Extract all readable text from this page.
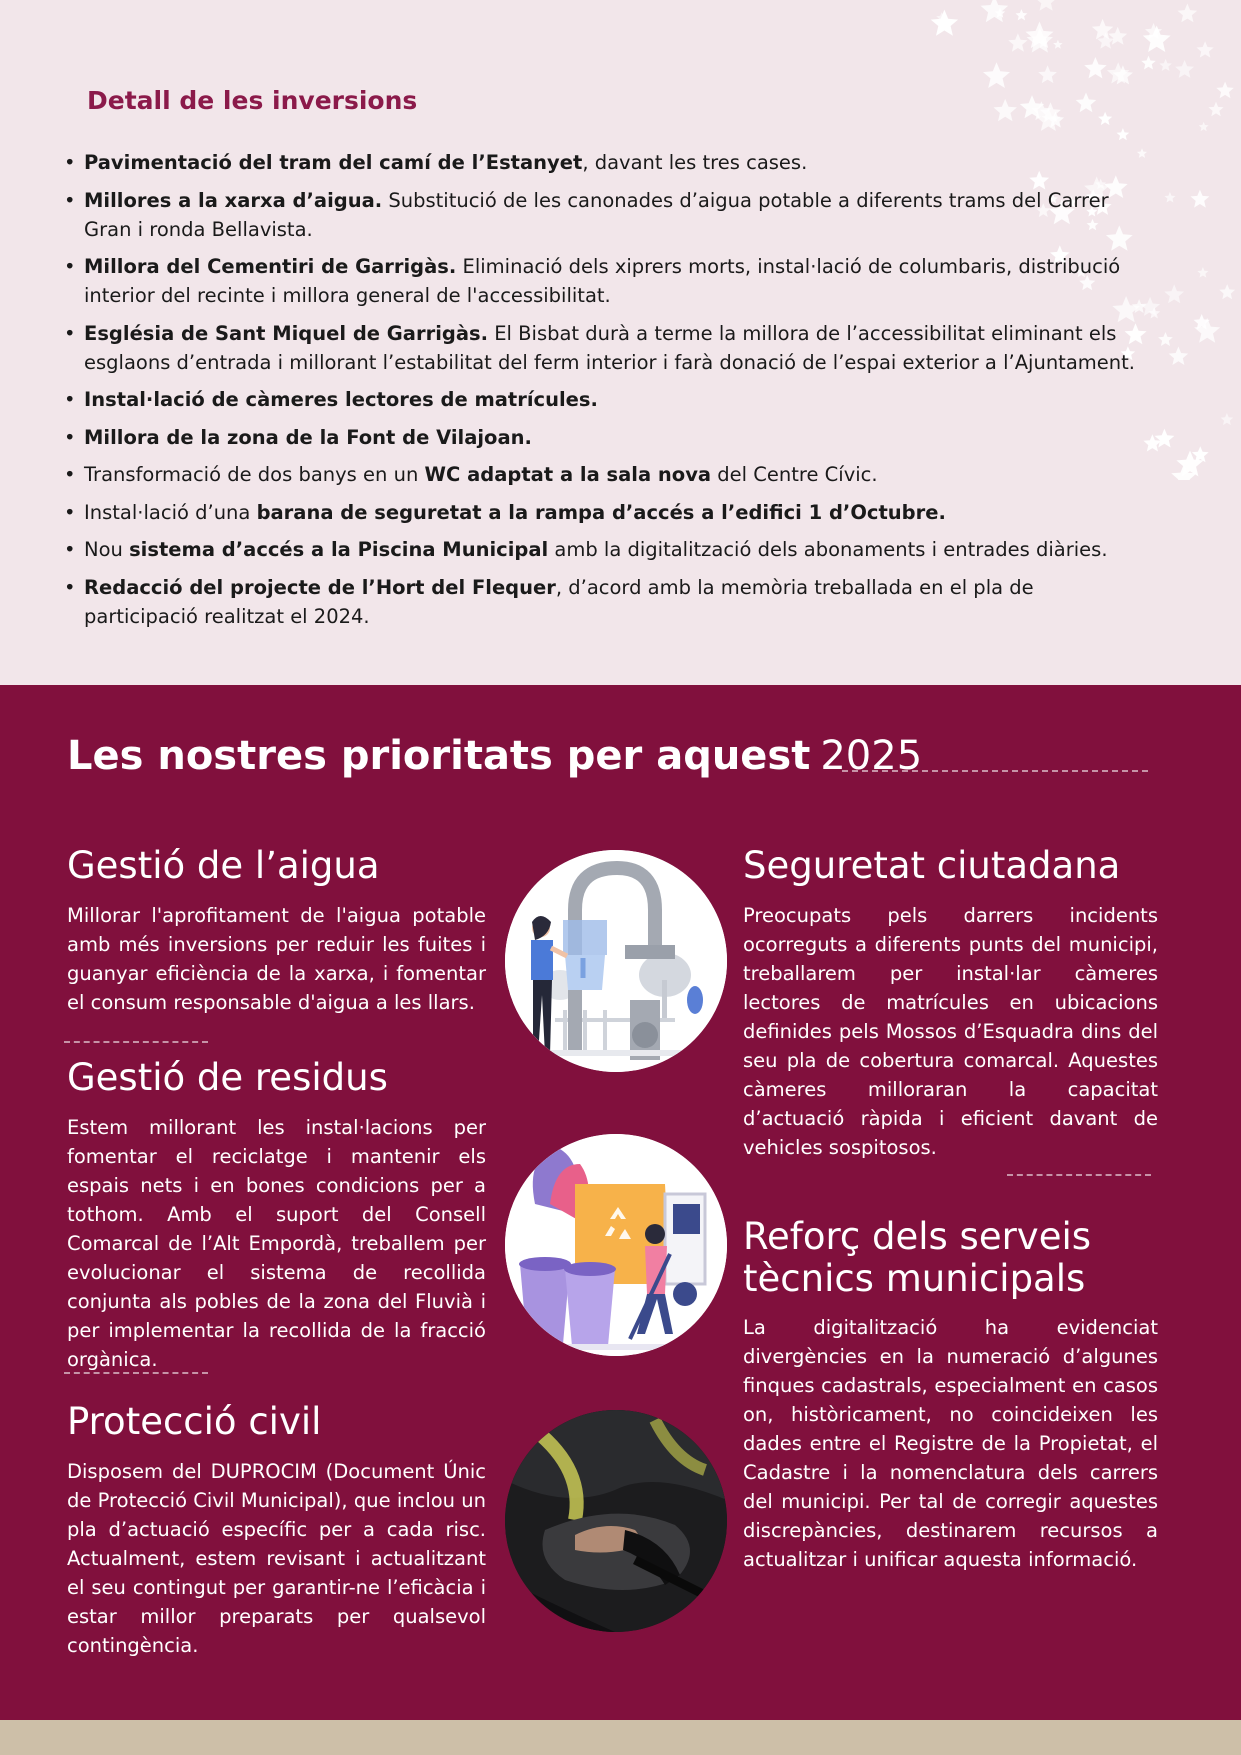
Detall de les inversions
• Pavimentació del tram del camí de l’Estanyet, davant les tres cases.
• Millores a la xarxa d’aigua. Substitució de les canonades d’aigua potable a diferents trams del Carrer Gran i ronda Bellavista.
• Millora del Cementiri de Garrigàs. Eliminació dels xiprers morts, instal·lació de columbaris, distribució interior del recinte i millora general de l'accessibilitat.
• Església de Sant Miquel de Garrigàs. El Bisbat durà a terme la millora de l’accessibilitat eliminant els esglaons d’entrada i millorant l’estabilitat del ferm interior i farà donació de l’espai exterior a l’Ajuntament.
• Instal·lació de càmeres lectores de matrícules.
• Millora de la zona de la Font de Vilajoan.
• Transformació de dos banys en un WC adaptat a la sala nova del Centre Cívic.
• Instal·lació d’una barana de seguretat a la rampa d’accés a l’edifici 1 d’Octubre.
• Nou sistema d’accés a la Piscina Municipal amb la digitalització dels abonaments i entrades diàries.
• Redacció del projecte de l’Hort del Flequer, d’acord amb la memòria treballada en el pla de participació realitzat el 2024.
Les nostres prioritats per aquest 2025
Gestió de l’aigua

Millorar l'aprofitament de l'aigua potable amb més inversions per reduir les fuites i guanyar eficiència de la xarxa, i fomentar el consum responsable d'aigua a les llars.

Gestió de residus

Estem millorant les instal·lacions per fomentar el reciclatge i mantenir els espais nets i en bones condicions per a tothom. Amb el suport del Consell Comarcal de l’Alt Empordà, treballem per evolucionar el sistema de recollida conjunta als pobles de la zona del Fluvià i per implementar la recollida de la fracció orgànica.

Protecció civil

Disposem del DUPROCIM (Document Únic de Protecció Civil Municipal), que inclou un pla d’actuació específic per a cada risc. Actualment, estem revisant i actualitzant el seu contingut per garantir-ne l’eficàcia i estar millor preparats per qualsevol contingència.

Seguretat ciutadana

Preocupats pels darrers incidents ocorreguts a diferents punts del municipi, treballarem per instal·lar càmeres lectores de matrícules en ubicacions definides pels Mossos d’Esquadra dins del seu pla de cobertura comarcal. Aquestes càmeres milloraran la capacitat d’actuació ràpida i eficient davant de vehicles sospitosos.

Reforç dels serveis tècnics municipals

La digitalització ha evidenciat divergències en la numeració d’algunes finques cadastrals, especialment en casos on, històricament, no coincideixen les dades entre el Registre de la Propietat, el Cadastre i la nomenclatura dels carrers del municipi. Per tal de corregir aquestes discrepàncies, destinarem recursos a actualitzar i unificar aquesta informació.
